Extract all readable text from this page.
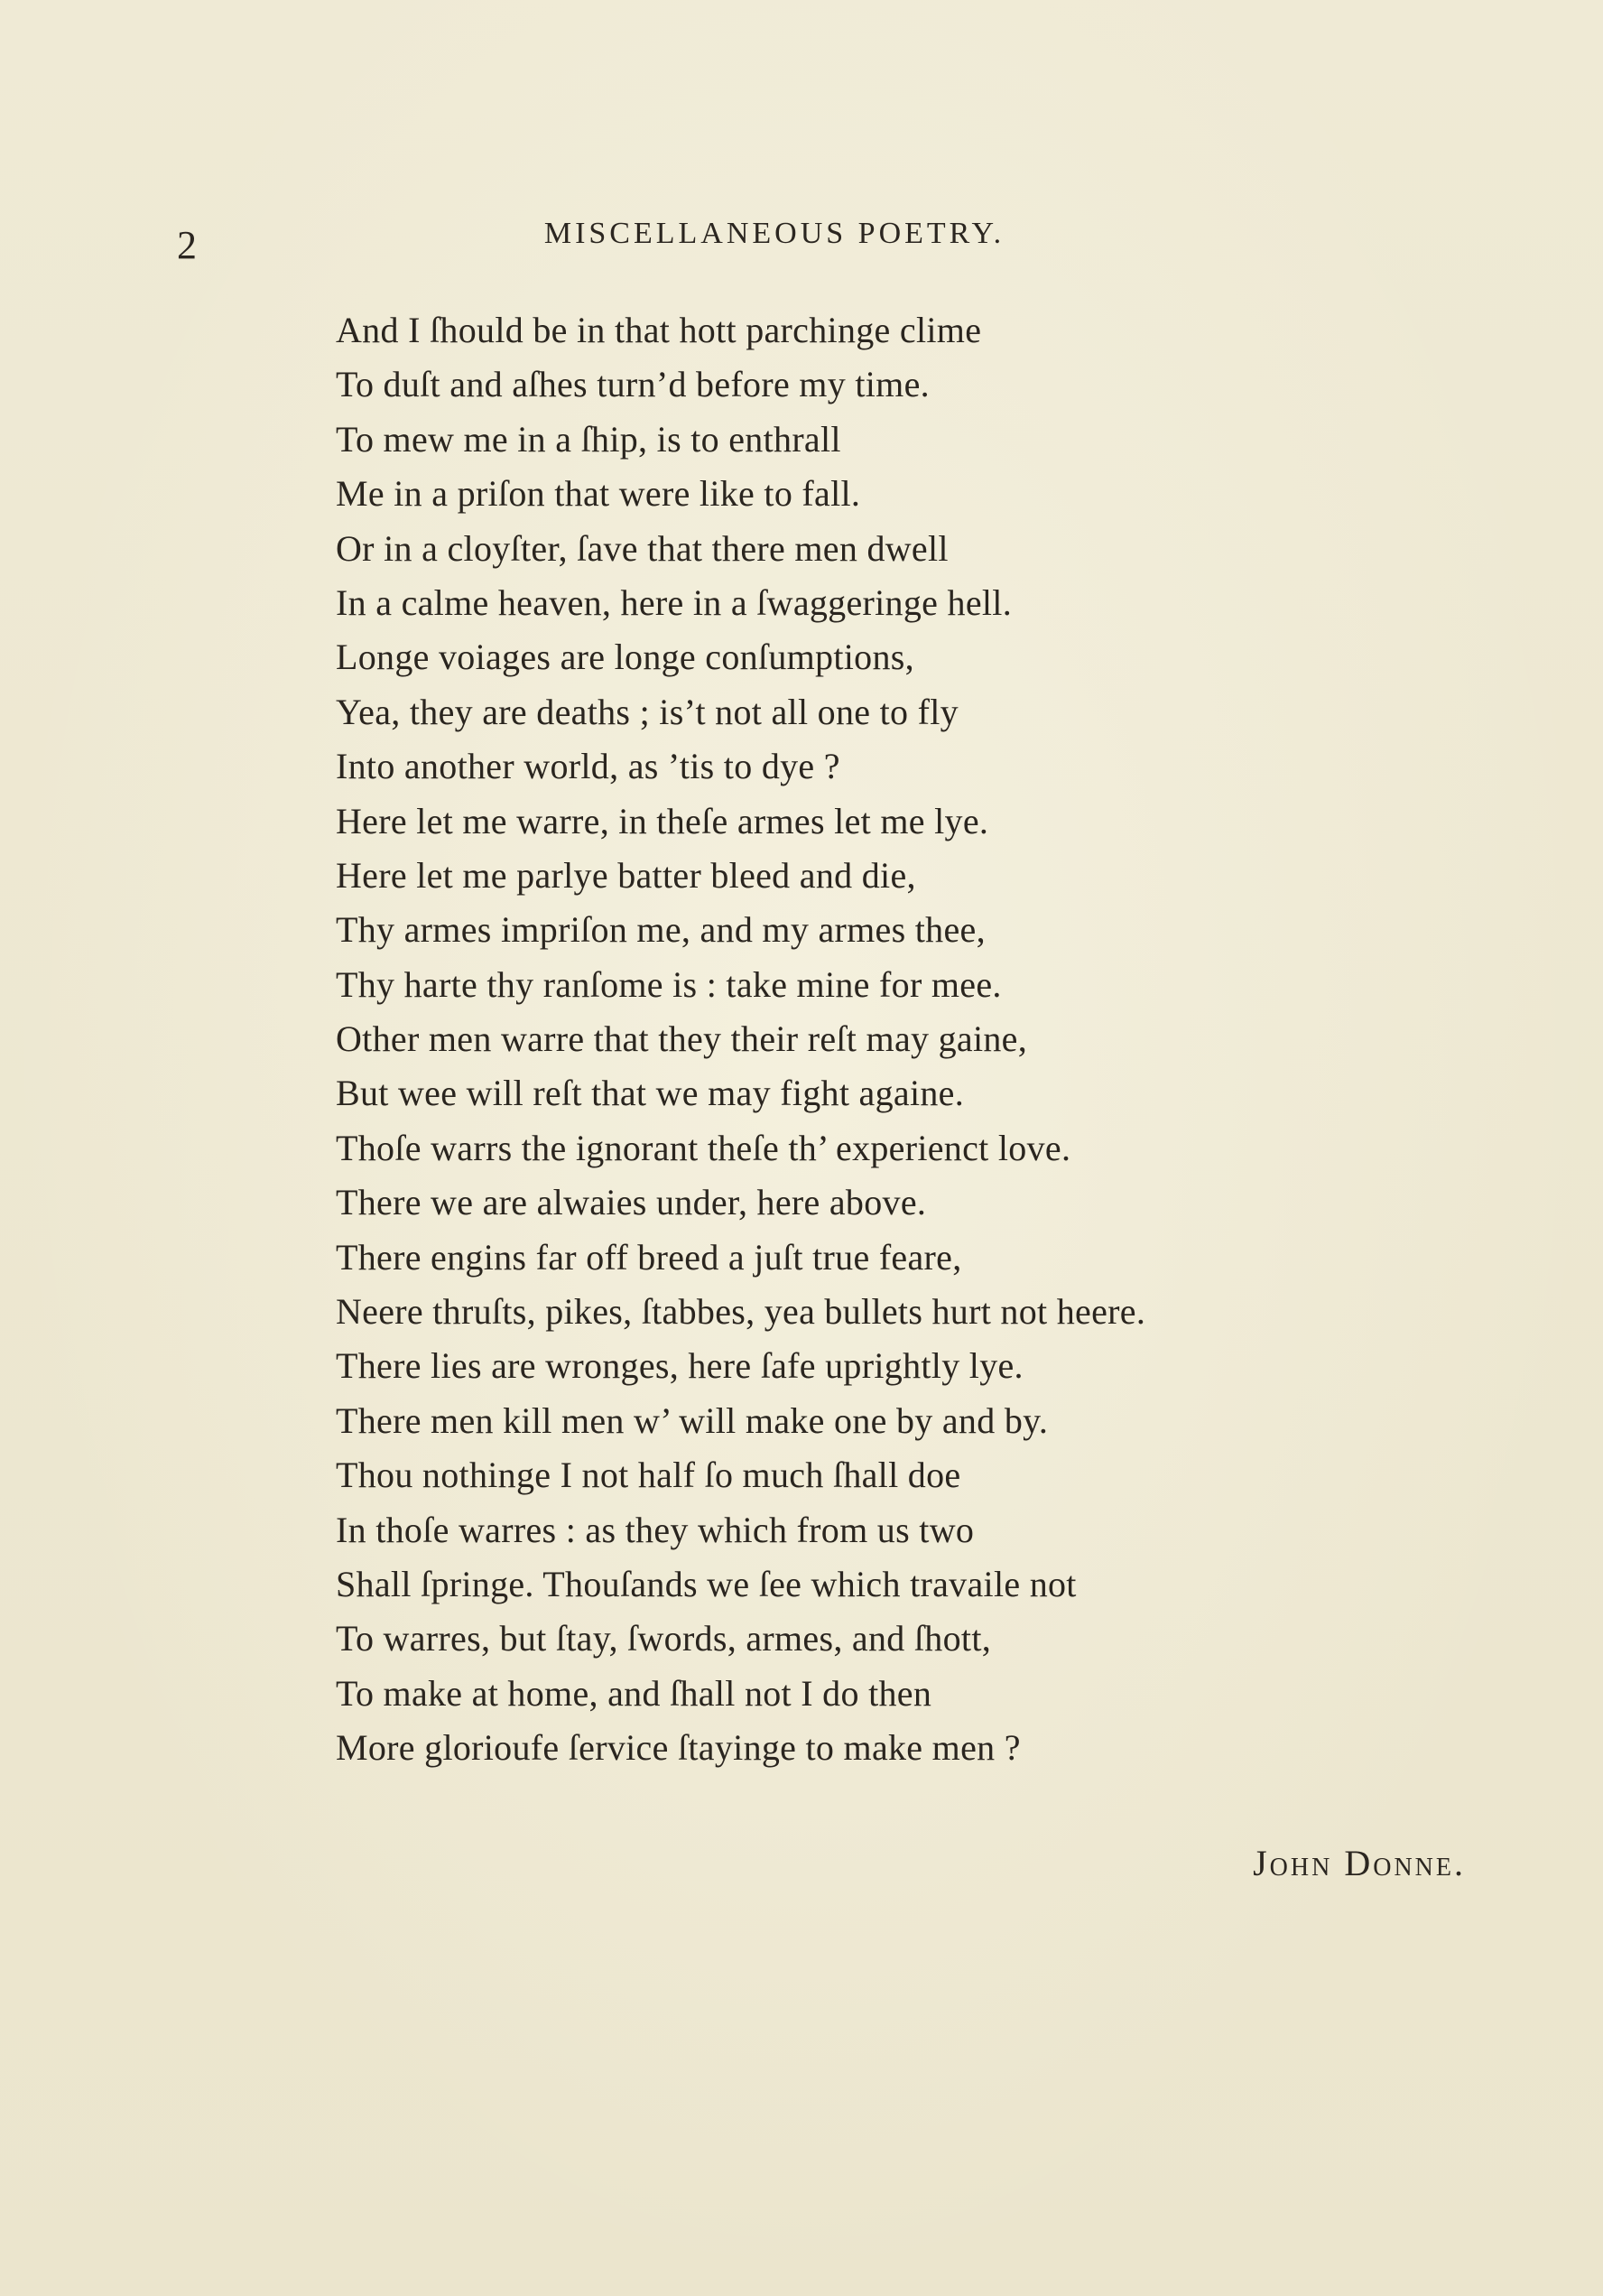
2	MISCELLANEOUS POETRY.
And I ſhould be in that hott parchinge clime
To duſt and aſhes turn’d before my time.
To mew me in a ſhip, is to enthrall
Me in a priſon that were like to fall.
Or in a cloyſter, ſave that there men dwell
In a calme heaven, here in a ſwaggeringe hell.
Longe voiages are longe conſumptions,
Yea, they are deaths ; is’t not all one to fly
Into another world, as ’tis to dye ?
Here let me warre, in theſe armes let me lye.
Here let me parlye batter bleed and die,
Thy armes impriſon me, and my armes thee,
Thy harte thy ranſome is : take mine for mee.
Other men warre that they their reſt may gaine,
But wee will reſt that we may fight againe.
Thoſe warrs the ignorant theſe th’ experienct love.
There we are alwaies under, here above.
There engins far off breed a juſt true feare,
Neere thruſts, pikes, ſtabbes, yea bullets hurt not heere.
There lies are wronges, here ſafe uprightly lye.
There men kill men w’ will make one by and by.
Thou nothinge I not half ſo much ſhall doe
In thoſe warres : as they which from us two
Shall ſpringe. Thouſands we ſee which travaile not
To warres, but ſtay, ſwords, armes, and ſhott,
To make at home, and ſhall not I do then
More glorioufe ſervice ſtayinge to make men ?
John Donne.
